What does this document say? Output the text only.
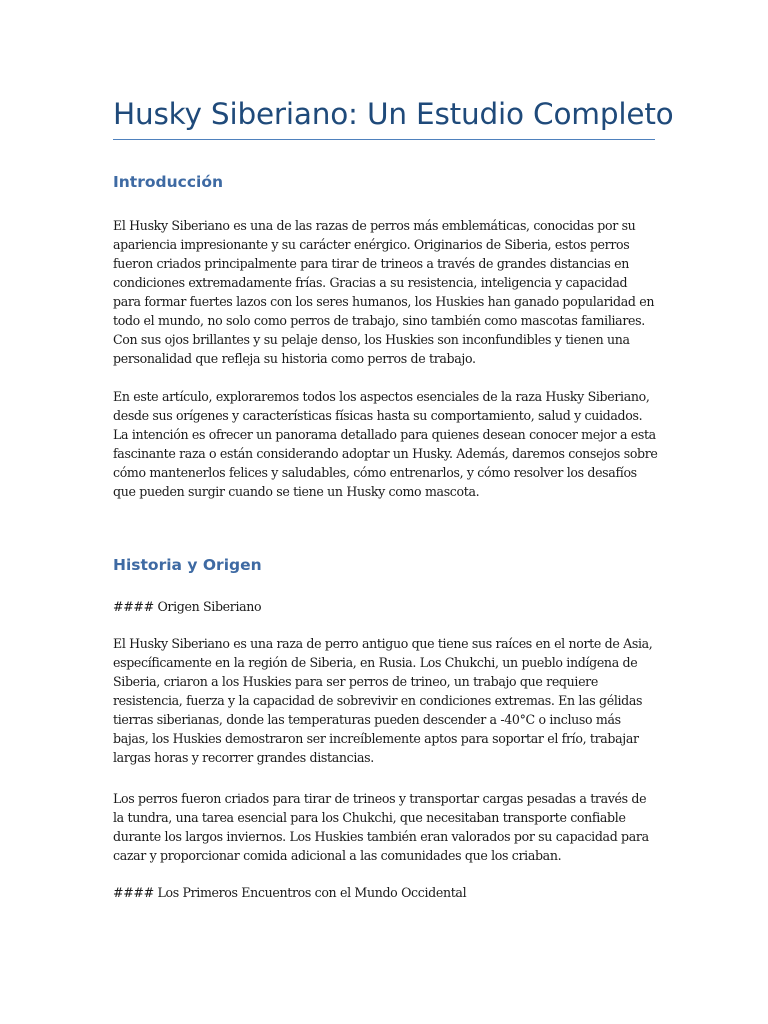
Husky Siberiano: Un Estudio Completo
Introducción

El Husky Siberiano es una de las razas de perros más emblemáticas, conocidas por su apariencia impresionante y su carácter enérgico. Originarios de Siberia, estos perros fueron criados principalmente para tirar de trineos a través de grandes distancias en condiciones extremadamente frías. Gracias a su resistencia, inteligencia y capacidad para formar fuertes lazos con los seres humanos, los Huskies han ganado popularidad en todo el mundo, no solo como perros de trabajo, sino también como mascotas familiares. Con sus ojos brillantes y su pelaje denso, los Huskies son inconfundibles y tienen una personalidad que refleja su historia como perros de trabajo.

En este artículo, exploraremos todos los aspectos esenciales de la raza Husky Siberiano, desde sus orígenes y características físicas hasta su comportamiento, salud y cuidados. La intención es ofrecer un panorama detallado para quienes desean conocer mejor a esta fascinante raza o están considerando adoptar un Husky. Además, daremos consejos sobre cómo mantenerlos felices y saludables, cómo entrenarlos, y cómo resolver los desafíos que pueden surgir cuando se tiene un Husky como mascota.

Historia y Origen

#### Origen Siberiano

El Husky Siberiano es una raza de perro antiguo que tiene sus raíces en el norte de Asia, específicamente en la región de Siberia, en Rusia. Los Chukchi, un pueblo indígena de Siberia, criaron a los Huskies para ser perros de trineo, un trabajo que requiere resistencia, fuerza y la capacidad de sobrevivir en condiciones extremas. En las gélidas tierras siberianas, donde las temperaturas pueden descender a -40°C o incluso más bajas, los Huskies demostraron ser increíblemente aptos para soportar el frío, trabajar largas horas y recorrer grandes distancias.

Los perros fueron criados para tirar de trineos y transportar cargas pesadas a través de la tundra, una tarea esencial para los Chukchi, que necesitaban transporte confiable durante los largos inviernos. Los Huskies también eran valorados por su capacidad para cazar y proporcionar comida adicional a las comunidades que los criaban.

#### Los Primeros Encuentros con el Mundo Occidental
